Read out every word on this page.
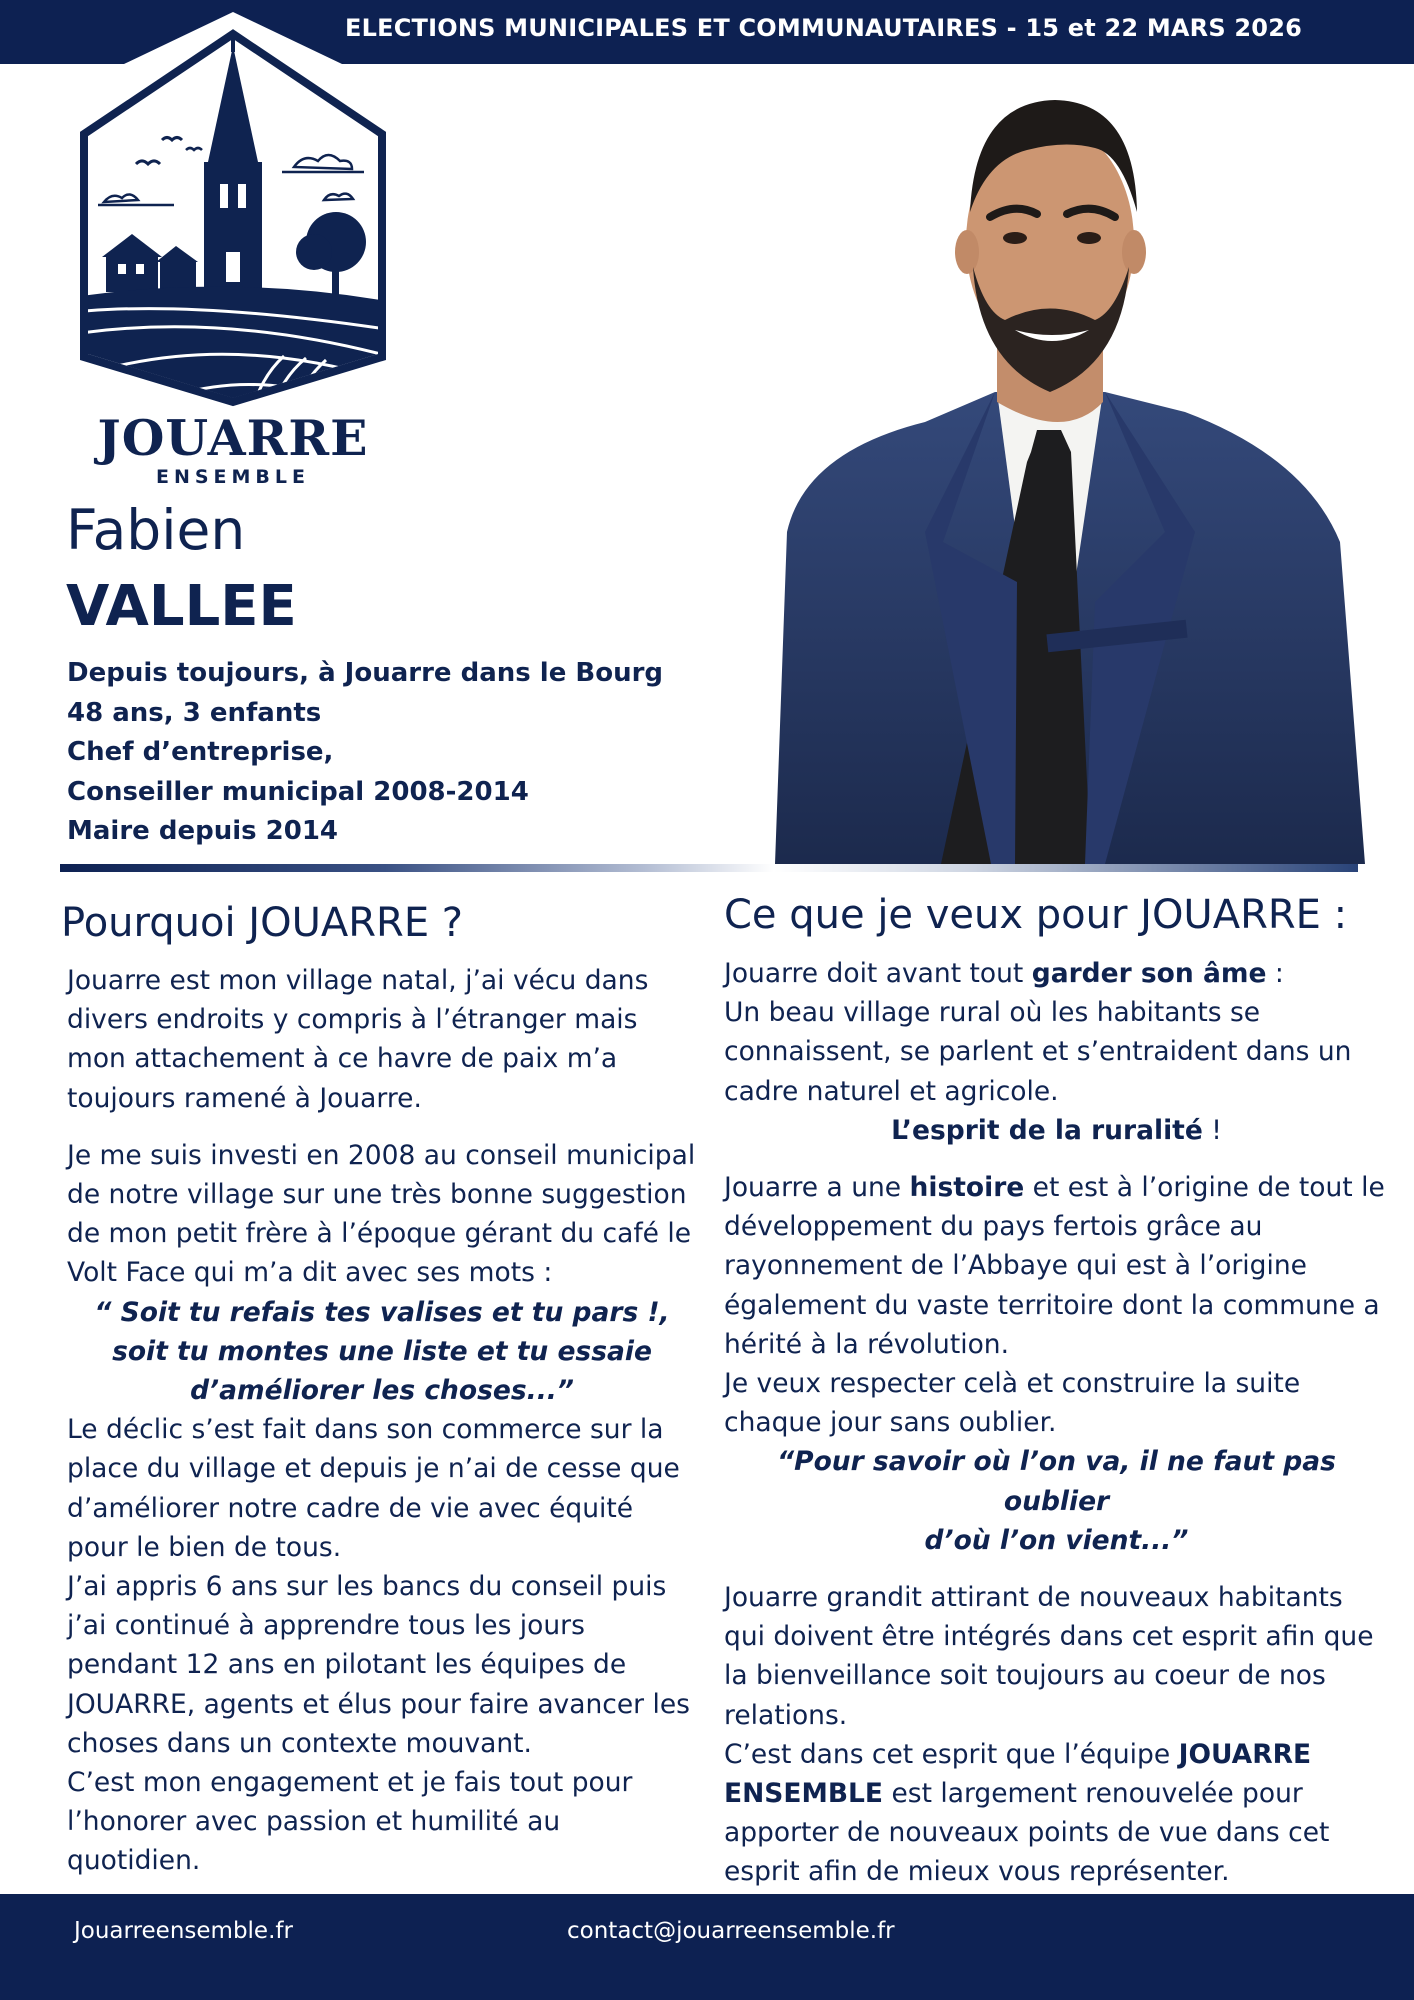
ELECTIONS MUNICIPALES ET COMMUNAUTAIRES - 15 et 22 MARS 2026
JOUARRE
ENSEMBLE
Fabien
VALLEE
Depuis toujours, à Jouarre dans le Bourg
48 ans, 3 enfants
Chef d’entreprise,
Conseiller municipal 2008-2014
Maire depuis 2014
Pourquoi JOUARRE ?	Ce que je veux pour JOUARRE :

Jouarre est mon village natal, j’ai vécu dans divers endroits y compris à l’étranger mais mon attachement à ce havre de paix m’a toujours ramené à Jouarre.

Je me suis investi en 2008 au conseil municipal de notre village sur une très bonne suggestion de mon petit frère à l’époque gérant du café le Volt Face qui m’a dit avec ses mots :
“ Soit tu refais tes valises et tu pars !,
soit tu montes une liste et tu essaie
d’améliorer les choses...”
Le déclic s’est fait dans son commerce sur la place du village et depuis je n’ai de cesse que d’améliorer notre cadre de vie avec équité pour le bien de tous.
J’ai appris 6 ans sur les bancs du conseil puis j’ai continué à apprendre tous les jours pendant 12 ans en pilotant les équipes de JOUARRE, agents et élus pour faire avancer les choses dans un contexte mouvant.
C’est mon engagement et je fais tout pour l’honorer avec passion et humilité au quotidien.
Jouarre doit avant tout garder son âme :
Un beau village rural où les habitants se connaissent, se parlent et s’entraident dans un cadre naturel et agricole.

L’esprit de la ruralité !

Jouarre a une histoire et est à l’origine de tout le développement du pays fertois grâce au rayonnement de l’Abbaye qui est à l’origine également du vaste territoire dont la commune a hérité à la révolution.
Je veux respecter celà et construire la suite chaque jour sans oublier.
“Pour savoir où l’on va, il ne faut pas oublier

d’où l’on vient...”

Jouarre grandit attirant de nouveaux habitants qui doivent être intégrés dans cet esprit afin que la bienveillance soit toujours au coeur de nos relations.
C’est dans cet esprit que l’équipe JOUARRE ENSEMBLE est largement renouvelée pour apporter de nouveaux points de vue dans cet esprit afin de mieux vous représenter.
Jouarreensemble.fr	contact@jouarreensemble.fr
